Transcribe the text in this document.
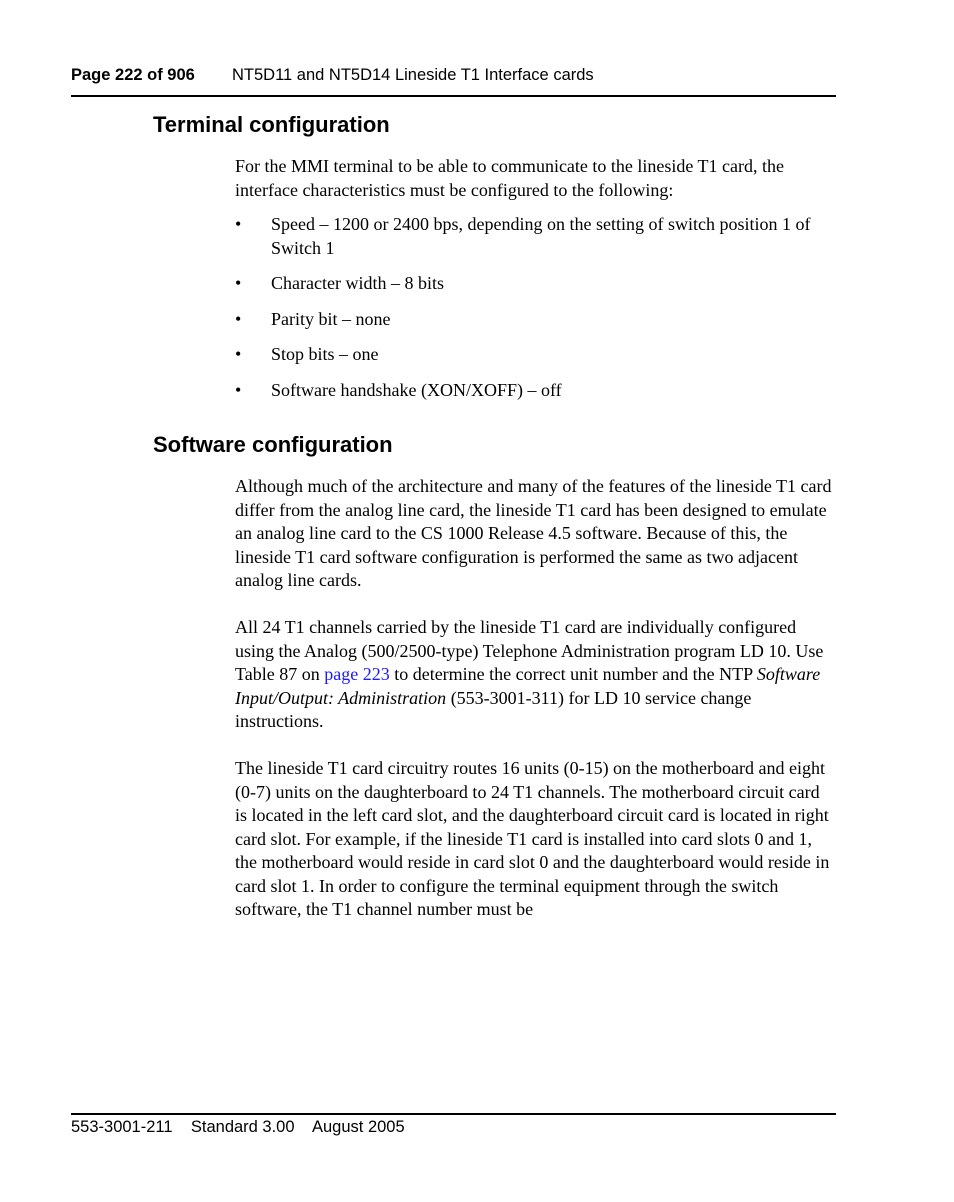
Page 222 of 906 NT5D11 and NT5D14 Lineside T1 Interface cards
Terminal configuration

For the MMI terminal to be able to communicate to the lineside T1 card, the interface characteristics must be configured to the following:

• Speed – 1200 or 2400 bps, depending on the setting of switch position 1 of Switch 1
• Character width – 8 bits
• Parity bit – none
• Stop bits – one
• Software handshake (XON/XOFF) – off
Software configuration

Although much of the architecture and many of the features of the lineside T1 card differ from the analog line card, the lineside T1 card has been designed to emulate an analog line card to the CS 1000 Release 4.5 software. Because of this, the lineside T1 card software configuration is performed the same as two adjacent analog line cards.

All 24 T1 channels carried by the lineside T1 card are individually configured using the Analog (500/2500-type) Telephone Administration program LD 10. Use Table 87 on page 223 to determine the correct unit number and the NTP Software Input/Output: Administration (553-3001-311) for LD 10 service change instructions.

The lineside T1 card circuitry routes 16 units (0-15) on the motherboard and eight (0-7) units on the daughterboard to 24 T1 channels. The motherboard circuit card is located in the left card slot, and the daughterboard circuit card is located in right card slot. For example, if the lineside T1 card is installed into card slots 0 and 1, the motherboard would reside in card slot 0 and the daughterboard would reside in card slot 1. In order to configure the terminal equipment through the switch software, the T1 channel number must be

553-3001-211 Standard 3.00 August 2005
